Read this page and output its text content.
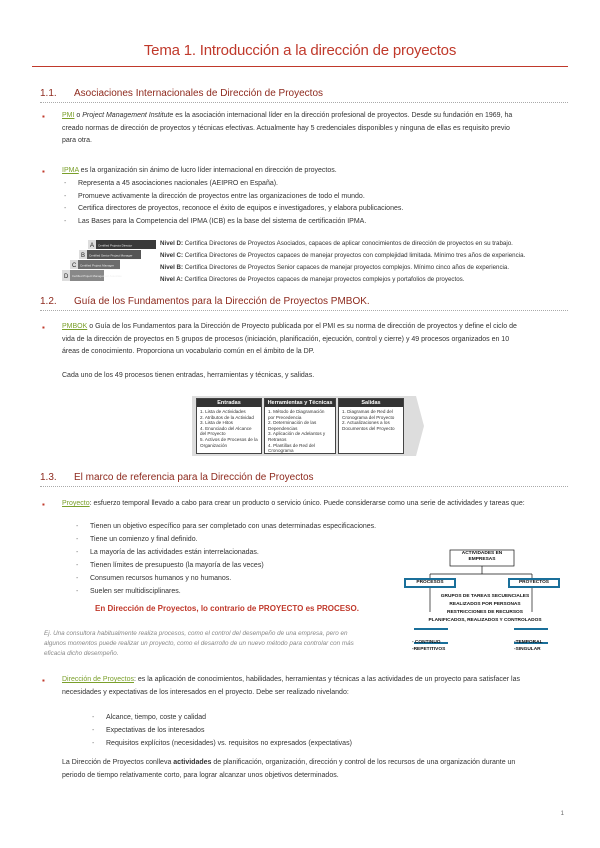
Tema 1. Introducción a la dirección de proyectos
1.1. Asociaciones Internacionales de Dirección de Proyectos
▪ PMI o Project Management Institute es la asociación internacional líder en la dirección profesional de proyectos. Desde su fundación en 1969, ha
creado normas de dirección de proyectos y técnicas efectivas. Actualmente hay 5 credenciales disponibles y ninguna de ellas es requisito previo
para otra.
▪ IPMA es la organización sin ánimo de lucro líder internacional en dirección de proyectos.
- Representa a 45 asociaciones nacionales (AEIPRO en España).
- Promueve activamente la dirección de proyectos entre las organizaciones de todo el mundo.
- Certifica directores de proyectos, reconoce el éxito de equipos e investigadores, y elabora publicaciones.
- Las Bases para la Competencia del IPMA (ICB) es la base del sistema de certificación IPMA.
A
B
C
D
Certified Projects Director
Certified Senior Project Manager
Certified Project Manager
Certified Project Management Associate
Nivel D: Certifica Directores de Proyectos Asociados, capaces de aplicar conocimientos de dirección de proyectos en su trabajo.
Nivel C: Certifica Directores de Proyectos capaces de manejar proyectos con complejidad limitada. Mínimo tres años de experiencia.
Nivel B: Certifica Directores de Proyectos Senior capaces de manejar proyectos complejos. Mínimo cinco años de experiencia.
Nivel A: Certifica Directores de Proyectos capaces de manejar proyectos complejos y portafolios de proyectos.
1.2. Guía de los Fundamentos para la Dirección de Proyectos PMBOK.
▪ PMBOK o Guía de los Fundamentos para la Dirección de Proyecto publicada por el PMI es su norma de dirección de proyectos y define el ciclo de
vida de la dirección de proyectos en 5 grupos de procesos (iniciación, planificación, ejecución, control y cierre) y 49 procesos organizados en 10
áreas de conocimiento. Proporciona un vocabulario común en el ámbito de la DP.
Cada uno de los 49 procesos tienen entradas, herramientas y técnicas, y salidas.
Entradas
1. Lista de Actividades
2. Atributos de la Actividad
3. Lista de Hitos
4. Enunciado del Alcance del Proyecto
5. Activos de Procesos de la Organización
Herramientas y Técnicas
1. Método de Diagramación por Precedencia
2. Determinación de las Dependencias
3. Aplicación de Adelantos y Retrasos
4. Plantillas de Red del Cronograma
Salidas
1. Diagramas de Red del Cronograma del Proyecto
2. Actualizaciones a los Documentos del Proyecto
1.3. El marco de referencia para la Dirección de Proyectos
▪ Proyecto: esfuerzo temporal llevado a cabo para crear un producto o servicio único. Puede considerarse como una serie de actividades y tareas que:
- Tienen un objetivo específico para ser completado con unas determinadas especificaciones.
- Tiene un comienzo y final definido.
- La mayoría de las actividades están interrelacionadas.
- Tienen límites de presupuesto (la mayoría de las veces)
- Consumen recursos humanos y no humanos.
- Suelen ser multidisciplinares.
En Dirección de Proyectos, lo contrario de PROYECTO es PROCESO.
Ej. Una consultora habitualmente realiza procesos, como el control del desempeño de una empresa, pero en
algunos momentos puede realizar un proyecto, como el desarrollo de un nuevo método para controlar con más
eficacia dicho desempeño.
ACTIVIDADES EN EMPRESAS
PROCESOS	PROYECTOS
GRUPOS DE TAREAS SECUENCIALES
REALIZADOS POR PERSONAS
RESTRICCIONES DE RECURSOS
PLANIFICADOS, REALIZADOS Y CONTROLADOS
- CONTINUO
-REPETITIVOS
-TEMPORAL
-SINGULAR
▪ Dirección de Proyectos: es la aplicación de conocimientos, habilidades, herramientas y técnicas a las actividades de un proyecto para satisfacer las
necesidades y expectativas de los interesados en el proyecto. Debe ser realizado nivelando:
- Alcance, tiempo, coste y calidad
- Expectativas de los interesados
- Requisitos explícitos (necesidades) vs. requisitos no expresados (expectativas)
La Dirección de Proyectos conlleva actividades de planificación, organización, dirección y control de los recursos de una organización durante un
periodo de tiempo relativamente corto, para lograr alcanzar unos objetivos determinados.
1
